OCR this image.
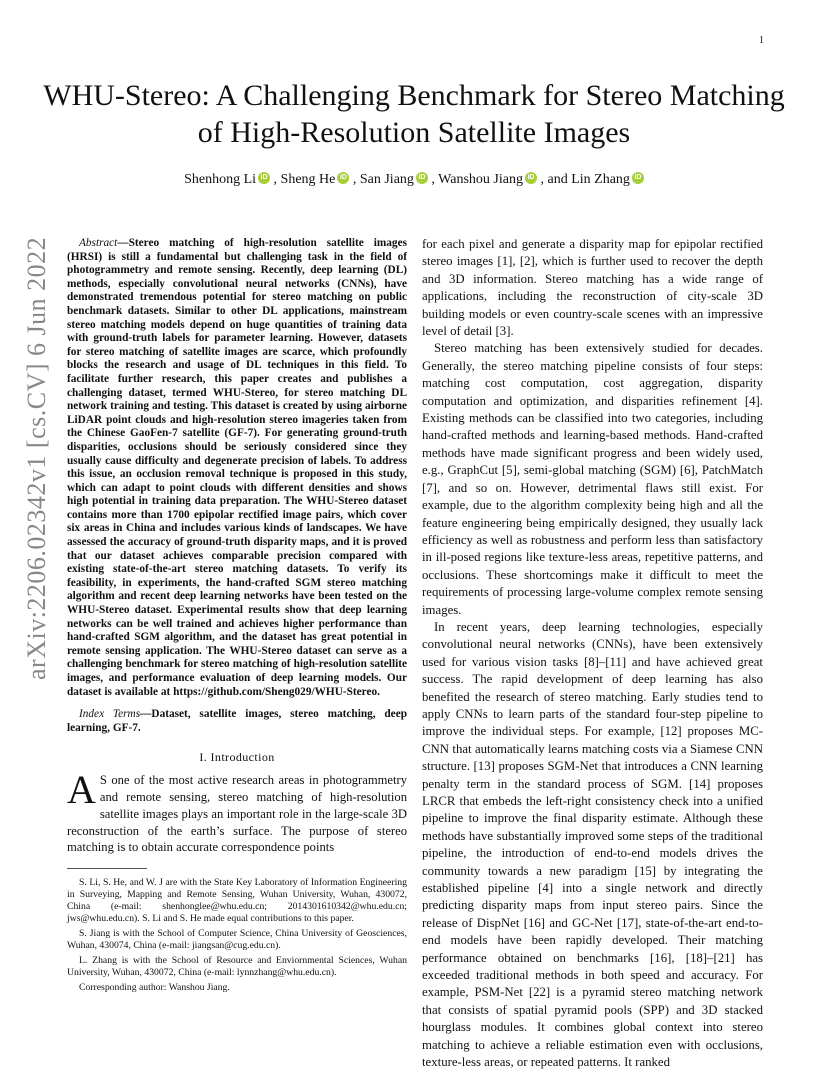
1
arXiv:2206.02342v1 [cs.CV] 6 Jun 2022
WHU-Stereo: A Challenging Benchmark for Stereo Matching of High-Resolution Satellite Images
Shenhong Li iD , Sheng He iD , San Jiang iD , Wanshou Jiang iD , and Lin Zhang iD

Abstract—Stereo matching of high-resolution satellite images (HRSI) is still a fundamental but challenging task in the field of photogrammetry and remote sensing. Recently, deep learning (DL) methods, especially convolutional neural networks (CNNs), have demonstrated tremendous potential for stereo matching on public benchmark datasets. Similar to other DL applications, mainstream stereo matching models depend on huge quantities of training data with ground-truth labels for parameter learning. However, datasets for stereo matching of satellite images are scarce, which profoundly blocks the research and usage of DL techniques in this field. To facilitate further research, this paper creates and publishes a challenging dataset, termed WHU-Stereo, for stereo matching DL network training and testing. This dataset is created by using airborne LiDAR point clouds and high-resolution stereo imageries taken from the Chinese GaoFen-7 satellite (GF-7). For generating ground-truth disparities, occlusions should be seriously considered since they usually cause difficulty and degenerate precision of labels. To address this issue, an occlusion removal technique is proposed in this study, which can adapt to point clouds with different densities and shows high potential in training data preparation. The WHU-Stereo dataset contains more than 1700 epipolar rectified image pairs, which cover six areas in China and includes various kinds of landscapes. We have assessed the accuracy of ground-truth disparity maps, and it is proved that our dataset achieves comparable precision compared with existing state-of-the-art stereo matching datasets. To verify its feasibility, in experiments, the hand-crafted SGM stereo matching algorithm and recent deep learning networks have been tested on the WHU-Stereo dataset. Experimental results show that deep learning networks can be well trained and achieves higher performance than hand-crafted SGM algorithm, and the dataset has great potential in remote sensing application. The WHU-Stereo dataset can serve as a challenging benchmark for stereo matching of high-resolution satellite images, and performance evaluation of deep learning models. Our dataset is available at https://github.com/Sheng029/WHU-Stereo.

Index Terms—Dataset, satellite images, stereo matching, deep learning, GF-7.

I. Introduction

A S one of the most active research areas in photogrammetry and remote sensing, stereo matching of high-resolution satellite images plays an important role in the large-scale 3D reconstruction of the earth’s surface. The purpose of stereo matching is to obtain accurate correspondence points

S. Li, S. He, and W. J are with the State Key Laboratory of Information Engineering in Surveying, Mapping and Remote Sensing, Wuhan University, Wuhan, 430072, China (e-mail: shenhonglee@whu.edu.cn; 2014301610342@whu.edu.cn; jws@whu.edu.cn). S. Li and S. He made equal contributions to this paper.

S. Jiang is with the School of Computer Science, China University of Geosciences, Wuhan, 430074, China (e-mail: jiangsan@cug.edu.cn).

L. Zhang is with the School of Resource and Enviornmental Sciences, Wuhan University, Wuhan, 430072, China (e-mail: lynnzhang@whu.edu.cn).

Corresponding author: Wanshou Jiang.

for each pixel and generate a disparity map for epipolar rectified stereo images [1], [2], which is further used to recover the depth and 3D information. Stereo matching has a wide range of applications, including the reconstruction of city-scale 3D building models or even country-scale scenes with an impressive level of detail [3].

Stereo matching has been extensively studied for decades. Generally, the stereo matching pipeline consists of four steps: matching cost computation, cost aggregation, disparity computation and optimization, and disparities refinement [4]. Existing methods can be classified into two categories, including hand-crafted methods and learning-based methods. Hand-crafted methods have made significant progress and been widely used, e.g., GraphCut [5], semi-global matching (SGM) [6], PatchMatch [7], and so on. However, detrimental flaws still exist. For example, due to the algorithm complexity being high and all the feature engineering being empirically designed, they usually lack efficiency as well as robustness and perform less than satisfactory in ill-posed regions like texture-less areas, repetitive patterns, and occlusions. These shortcomings make it difficult to meet the requirements of processing large-volume complex remote sensing images.

In recent years, deep learning technologies, especially convolutional neural networks (CNNs), have been extensively used for various vision tasks [8]–[11] and have achieved great success. The rapid development of deep learning has also benefited the research of stereo matching. Early studies tend to apply CNNs to learn parts of the standard four-step pipeline to improve the individual steps. For example, [12] proposes MC-CNN that automatically learns matching costs via a Siamese CNN structure. [13] proposes SGM-Net that introduces a CNN learning penalty term in the standard process of SGM. [14] proposes LRCR that embeds the left-right consistency check into a unified pipeline to improve the final disparity estimate. Although these methods have substantially improved some steps of the traditional pipeline, the introduction of end-to-end models drives the community towards a new paradigm [15] by integrating the established pipeline [4] into a single network and directly predicting disparity maps from input stereo pairs. Since the release of DispNet [16] and GC-Net [17], state-of-the-art end-to-end models have been rapidly developed. Their matching performance obtained on benchmarks [16], [18]–[21] has exceeded traditional methods in both speed and accuracy. For example, PSM-Net [22] is a pyramid stereo matching network that consists of spatial pyramid pools (SPP) and 3D stacked hourglass modules. It combines global context into stereo matching to achieve a reliable estimation even with occlusions, texture-less areas, or repeated patterns. It ranked
